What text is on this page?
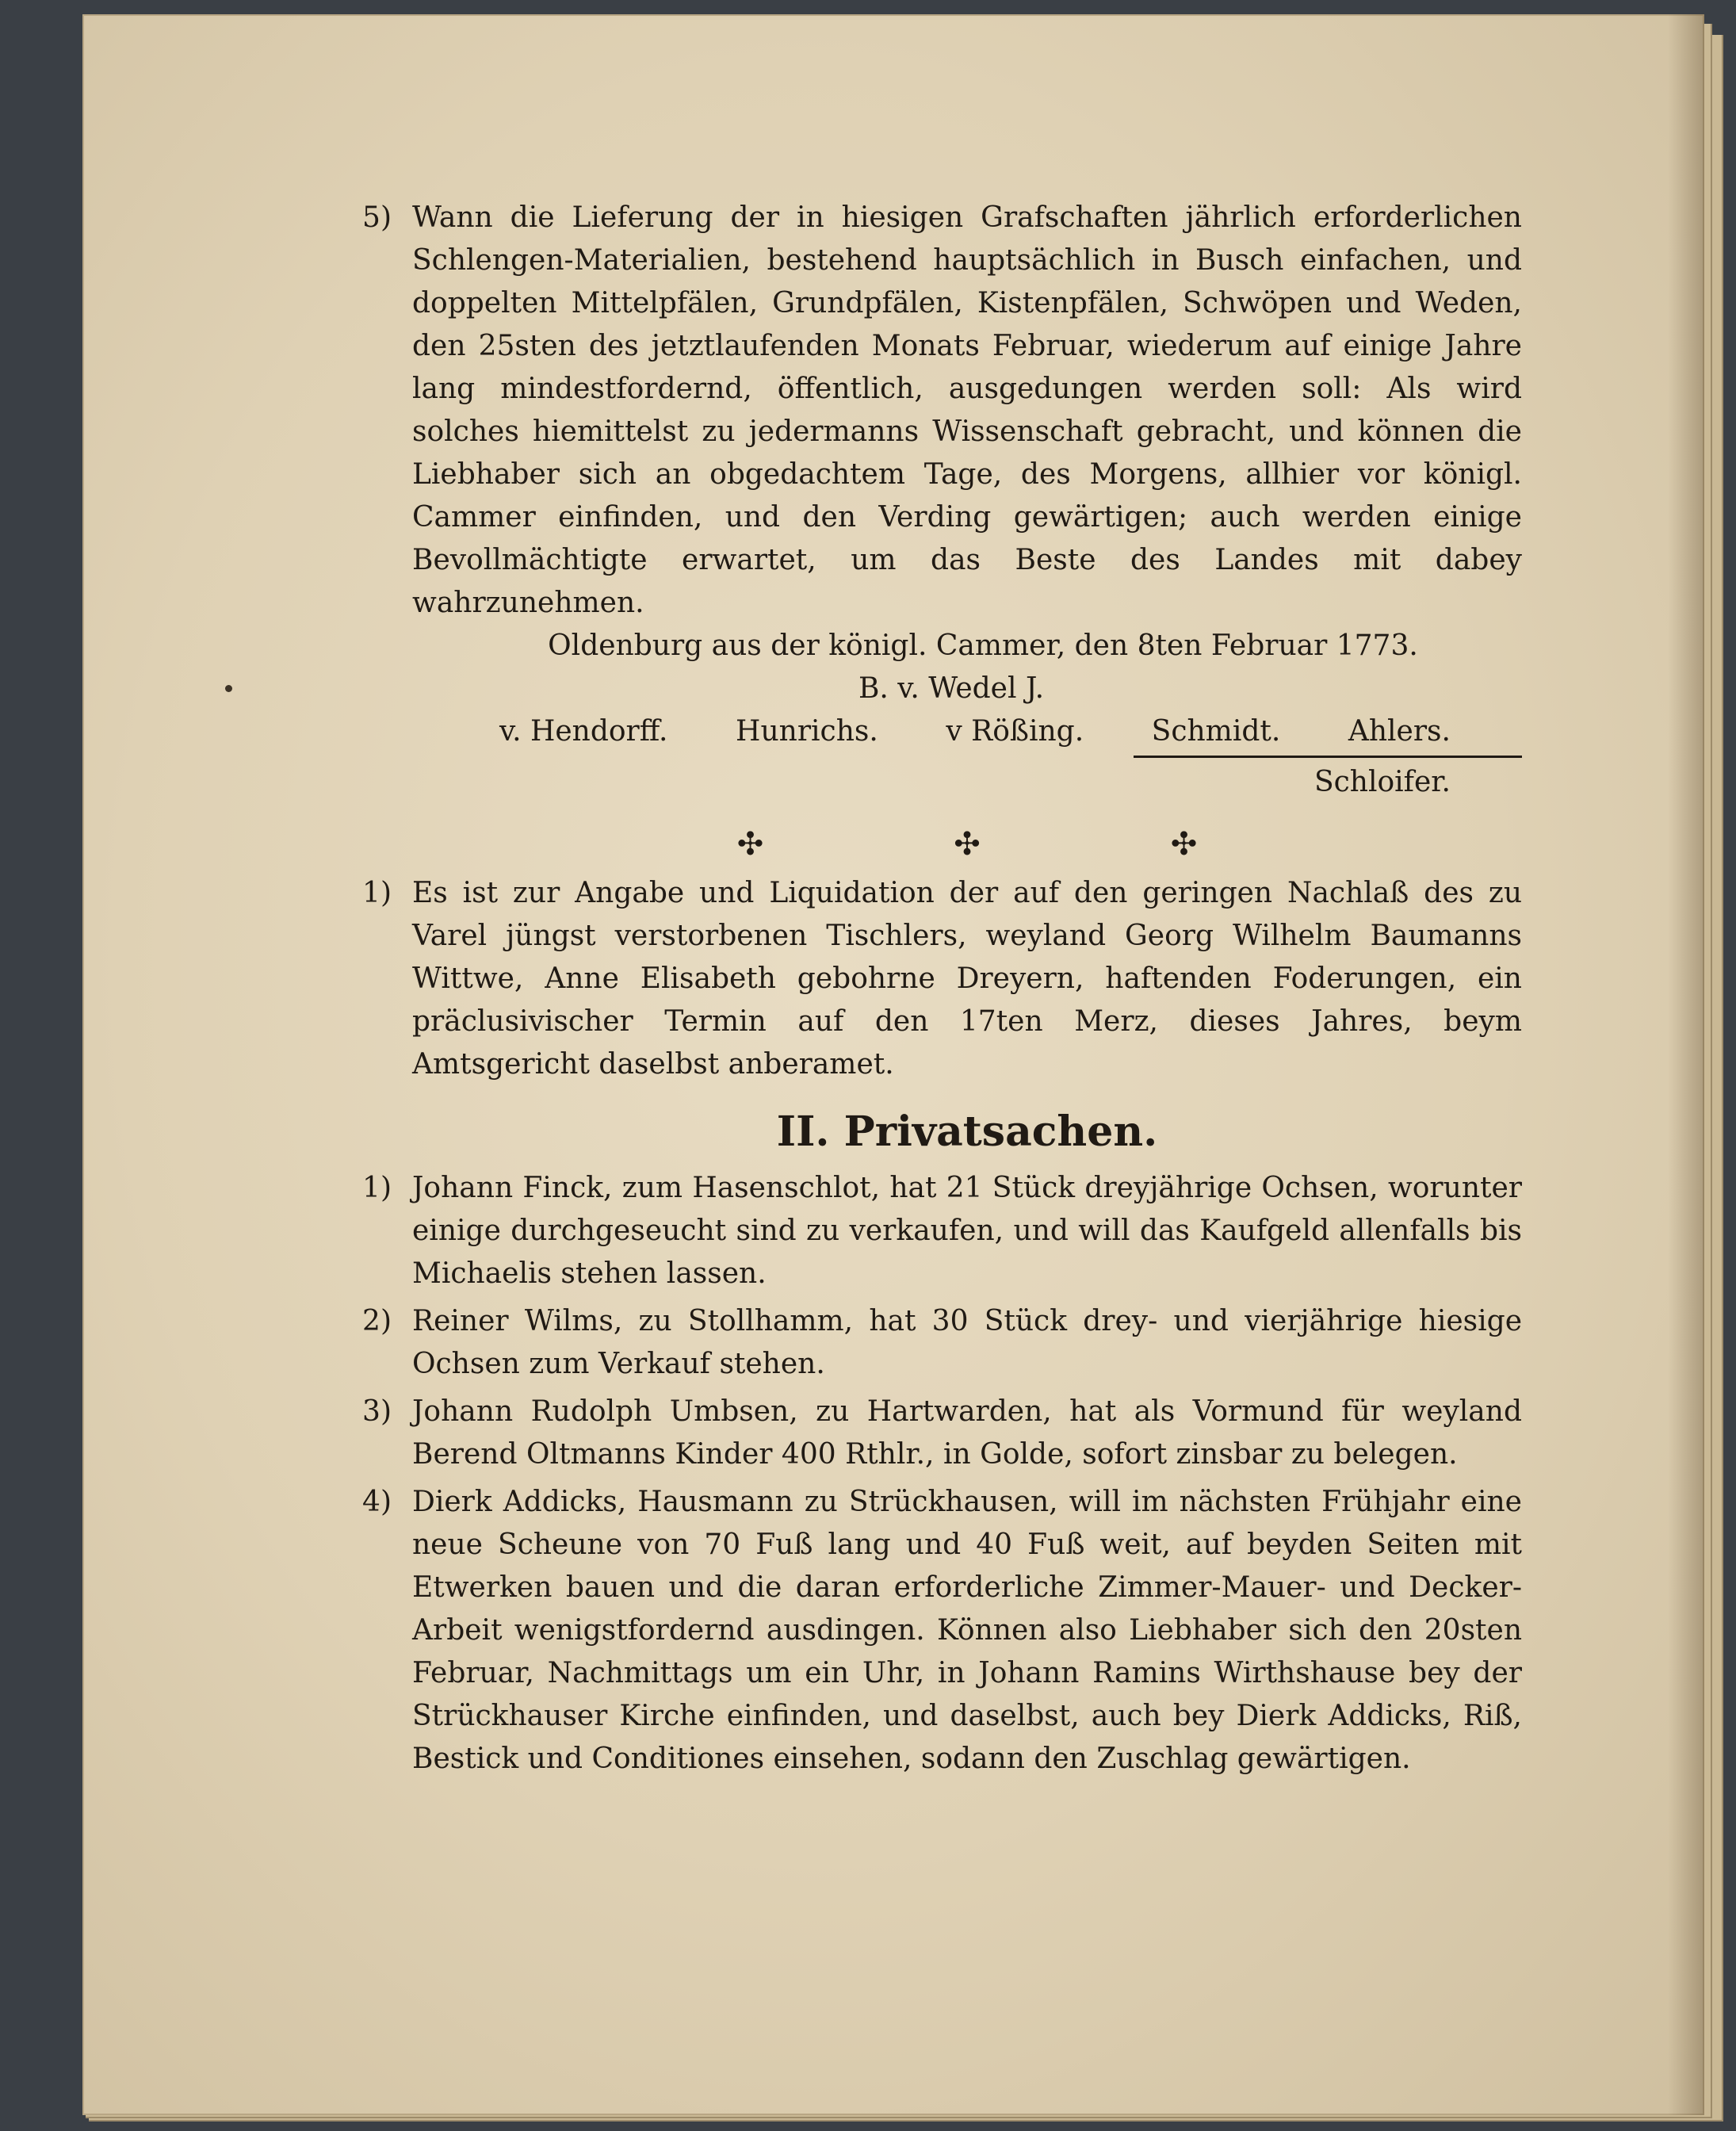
5) Wann die Lieferung der in hiesigen Grafschaften jährlich erforderlichen Schlengen-Materialien, bestehend hauptsächlich in Busch einfachen, und doppelten Mittelpfälen, Grundpfälen, Kistenpfälen, Schwöpen und Weden, den 25sten des jetztlaufenden Monats Februar, wiederum auf einige Jahre lang mindestfordernd, öffentlich, ausgedungen werden soll: Als wird solches hiemittelst zu jedermanns Wissenschaft gebracht, und können die Liebhaber sich an obgedachtem Tage, des Morgens, allhier vor königl. Cammer einfinden, und den Verding gewärtigen; auch werden einige Bevollmächtigte erwartet, um das Beste des Landes mit dabey wahrzunehmen.
Oldenburg aus der königl. Cammer, den 8ten Februar 1773.
B. v. Wedel J.
v. Hendorff. Hunrichs. v Rößing. Schmidt. Ahlers.
Schloifer.
✣	✣	✣
1) Es ist zur Angabe und Liquidation der auf den geringen Nachlaß des zu Varel jüngst verstorbenen Tischlers, weyland Georg Wilhelm Baumanns Wittwe, Anne Elisabeth gebohrne Dreyern, haftenden Foderungen, ein präclusivischer Termin auf den 17ten Merz, dieses Jahres, beym Amtsgericht daselbst anberamet.
II. Privatsachen.
1) Johann Finck, zum Hasenschlot, hat 21 Stück dreyjährige Ochsen, worunter einige durchgeseucht sind zu verkaufen, und will das Kaufgeld allenfalls bis Michaelis stehen lassen.
2) Reiner Wilms, zu Stollhamm, hat 30 Stück drey- und vierjährige hiesige Ochsen zum Verkauf stehen.
3) Johann Rudolph Umbsen, zu Hartwarden, hat als Vormund für weyland Berend Oltmanns Kinder 400 Rthlr., in Golde, sofort zinsbar zu belegen.
4) Dierk Addicks, Hausmann zu Strückhausen, will im nächsten Frühjahr eine neue Scheune von 70 Fuß lang und 40 Fuß weit, auf beyden Seiten mit Etwerken bauen und die daran erforderliche Zimmer-Mauer- und Decker-Arbeit wenigstfordernd ausdingen. Können also Liebhaber sich den 20sten Februar, Nachmittags um ein Uhr, in Johann Ramins Wirthshause bey der Strückhauser Kirche einfinden, und daselbst, auch bey Dierk Addicks, Riß, Bestick und Conditiones einsehen, sodann den Zuschlag gewärtigen.
